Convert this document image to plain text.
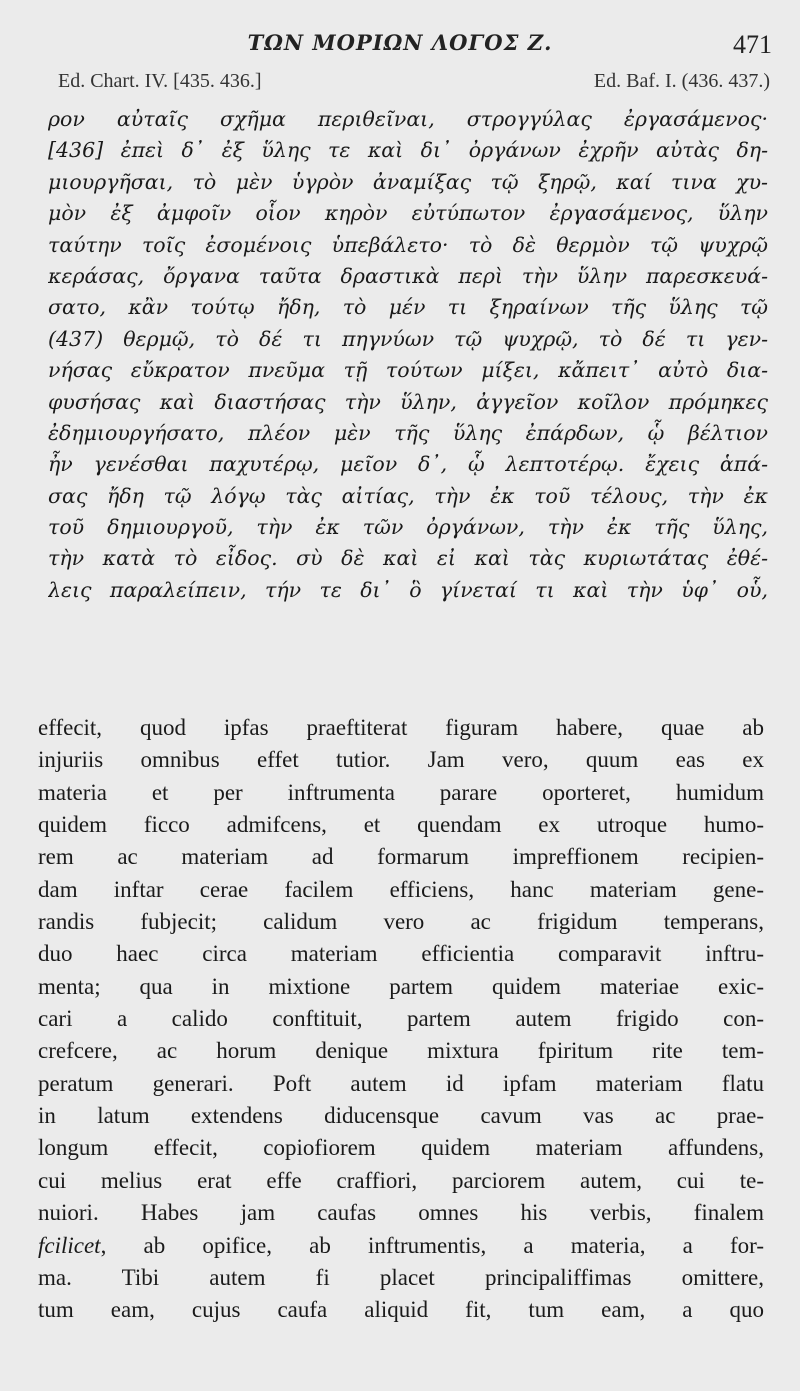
ΤΩΝ ΜΟΡΙΩΝ ΛΟΓΟΣ Ζ.	471
Ed. Chart. IV. [435. 436.]	Ed. Baf. I. (436. 437.)
ρον αὐταῖς σχῆμα περιθεῖναι, στρογγύλας ἐργασάμενος·
[436] ἐπεὶ δ᾽ ἐξ ὕλης τε καὶ δι᾽ ὀργάνων ἐχρῆν αὐτὰς δη-
μιουργῆσαι, τὸ μὲν ὑγρὸν ἀναμίξας τῷ ξηρῷ, καί τινα χυ-
μὸν ἐξ ἀμφοῖν οἷον κηρὸν εὐτύπωτον ἐργασάμενος, ὕλην
ταύτην τοῖς ἐσομένοις ὑπεβάλετο· τὸ δὲ θερμὸν τῷ ψυχρῷ
κεράσας, ὄργανα ταῦτα δραστικὰ περὶ τὴν ὕλην παρεσκευά-
σατο, κἂν τούτῳ ἤδη, τὸ μέν τι ξηραίνων τῆς ὕλης τῷ
(437) θερμῷ, τὸ δέ τι πηγνύων τῷ ψυχρῷ, τὸ δέ τι γεν-
νήσας εὔκρατον πνεῦμα τῇ τούτων μίξει, κἄπειτ᾽ αὐτὸ δια-
φυσήσας καὶ διαστήσας τὴν ὕλην, ἀγγεῖον κοῖλον πρόμηκες
ἐδημιουργήσατο, πλέον μὲν τῆς ὕλης ἐπάρδων, ᾧ βέλτιον
ἦν γενέσθαι παχυτέρῳ, μεῖον δ᾽, ᾧ λεπτοτέρῳ. ἔχεις ἁπά-
σας ἤδη τῷ λόγῳ τὰς αἰτίας, τὴν ἐκ τοῦ τέλους, τὴν ἐκ
τοῦ δημιουργοῦ, τὴν ἐκ τῶν ὀργάνων, τὴν ἐκ τῆς ὕλης,
τὴν κατὰ τὸ εἶδος. σὺ δὲ καὶ εἰ καὶ τὰς κυριωτάτας ἐθέ-
λεις παραλείπειν, τήν τε δι᾽ ὃ γίνεταί τι καὶ τὴν ὑφ᾽ οὗ,
effecit, quod ipfas praeftiterat figuram habere, quae ab
injuriis omnibus effet tutior. Jam vero, quum eas ex
materia et per inftrumenta parare oporteret, humidum
quidem ficco admifcens, et quendam ex utroque humo-
rem ac materiam ad formarum impreffionem recipien-
dam inftar cerae facilem efficiens, hanc materiam gene-
randis fubjecit; calidum vero ac frigidum temperans,
duo haec circa materiam efficientia comparavit inftru-
menta; qua in mixtione partem quidem materiae exic-
cari a calido conftituit, partem autem frigido con-
crefcere, ac horum denique mixtura fpiritum rite tem-
peratum generari. Poft autem id ipfam materiam flatu
in latum extendens diducensque cavum vas ac prae-
longum effecit, copiofiorem quidem materiam affundens,
cui melius erat effe craffiori, parciorem autem, cui te-
nuiori. Habes jam caufas omnes his verbis, finalem
fcilicet, ab opifice, ab inftrumentis, a materia, a for-
ma. Tibi autem fi placet principaliffimas omittere,
tum eam, cujus caufa aliquid fit, tum eam, a quo
